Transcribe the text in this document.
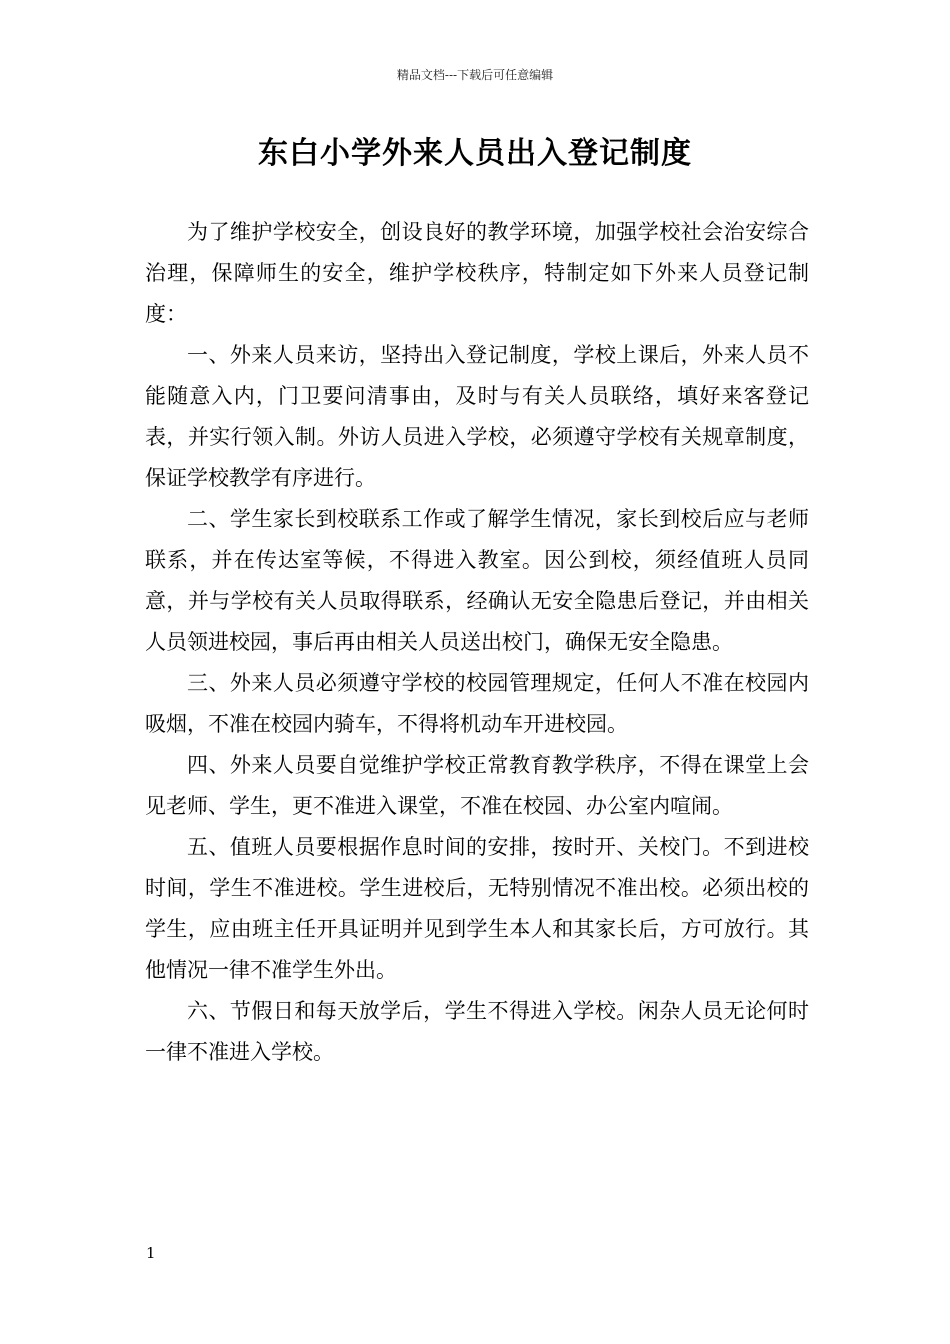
精品文档---下载后可任意编辑
东白小学外来人员出入登记制度

为了维护学校安全，创设良好的教学环境，加强学校社会治安综合治理，保障师生的安全，维护学校秩序，特制定如下外来人员登记制度：

一、外来人员来访，坚持出入登记制度，学校上课后，外来人员不能随意入内，门卫要问清事由，及时与有关人员联络，填好来客登记表，并实行领入制。外访人员进入学校，必须遵守学校有关规章制度，保证学校教学有序进行。

二、学生家长到校联系工作或了解学生情况，家长到校后应与老师联系，并在传达室等候，不得进入教室。因公到校，须经值班人员同意，并与学校有关人员取得联系，经确认无安全隐患后登记，并由相关人员领进校园，事后再由相关人员送出校门，确保无安全隐患。

三、外来人员必须遵守学校的校园管理规定，任何人不准在校园内吸烟，不准在校园内骑车，不得将机动车开进校园。

四、外来人员要自觉维护学校正常教育教学秩序，不得在课堂上会见老师、学生，更不准进入课堂，不准在校园、办公室内喧闹。

五、值班人员要根据作息时间的安排，按时开、关校门。不到进校时间，学生不准进校。学生进校后，无特别情况不准出校。必须出校的学生，应由班主任开具证明并见到学生本人和其家长后，方可放行。其他情况一律不准学生外出。

六、节假日和每天放学后，学生不得进入学校。闲杂人员无论何时一律不准进入学校。

1
